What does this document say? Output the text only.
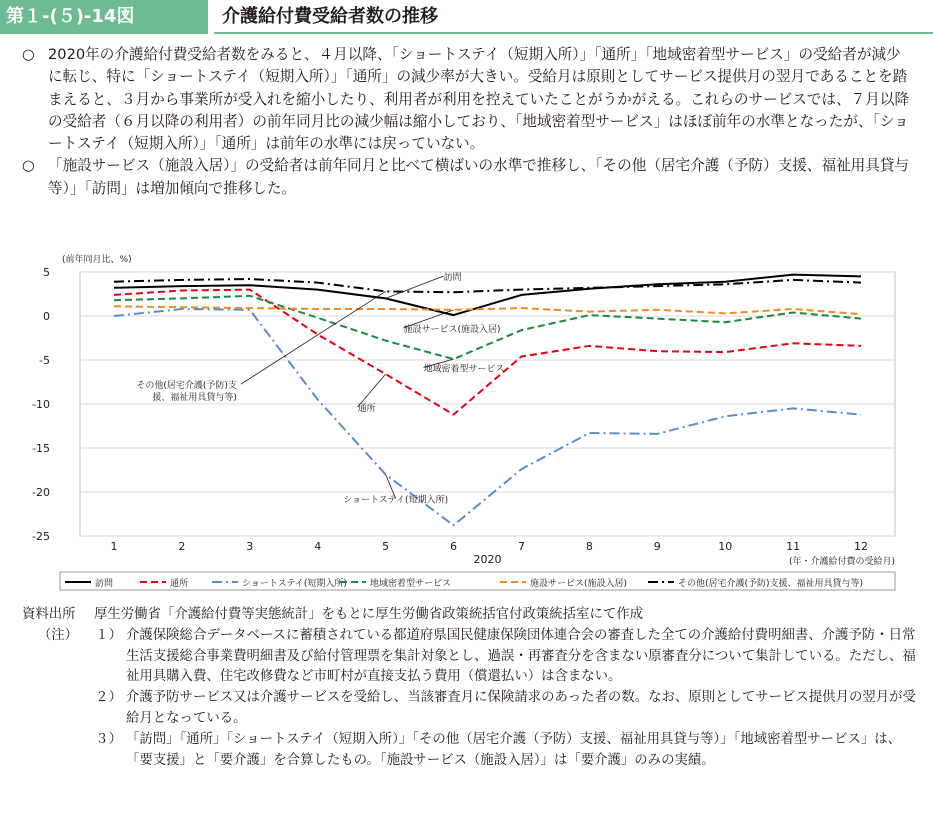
第１-(５)-14図	介護給付費受給者数の推移
○ 2020年の介護給付費受給者数をみると、４月以降、「ショートステイ（短期入所）」「通所」「地域密着型サービス」の受給者が減少に転じ、特に「ショートステイ（短期入所）」「通所」の減少率が大きい。受給月は原則としてサービス提供月の翌月であることを踏まえると、３月から事業所が受入れを縮小したり、利用者が利用を控えていたことがうかがえる。これらのサービスでは、７月以降の受給者（６月以降の利用者）の前年同月比の減少幅は縮小しており、「地域密着型サービス」はほぼ前年の水準となったが、「ショートステイ（短期入所）」「通所」は前年の水準には戻っていない。
○ 「施設サービス（施設入居）」の受給者は前年同月と比べて横ばいの水準で推移し、「その他（居宅介護（予防）支援、福祉用具貸与等）」「訪問」は増加傾向で推移した。
5
0
-5
-10
-15
-20
-25
(前年同月比、%)
1	2	3	4	5	6	7	8	9	10	11	12
2020	(年・介護給付費の受給月)
訪問
施設サービス(施設入居)
地域密着型サービス
通所
ショートステイ(短期入所)
その他(居宅介護(予防)支
援、福祉用具貸与等)
訪問	通所	ショートステイ(短期入所)	地域密着型サービス	施設サービス(施設入居)	その他(居宅介護(予防)支援、福祉用具貸与等)
資料出所	厚生労働省「介護給付費等実態統計」をもとに厚生労働省政策統括官付政策統括室にて作成
（注）	１） 介護保険総合データベースに蓄積されている都道府県国民健康保険団体連合会の審査した全ての介護給付費明細書、介護予防・日常生活支援総合事業費明細書及び給付管理票を集計対象とし、過誤・再審査分を含まない原審査分について集計している。ただし、福祉用具購入費、住宅改修費など市町村が直接支払う費用（償還払い）は含まない。
２） 介護予防サービス又は介護サービスを受給し、当該審査月に保険請求のあった者の数。なお、原則としてサービス提供月の翌月が受給月となっている。
３） 「訪問」「通所」「ショートステイ（短期入所）」「その他（居宅介護（予防）支援、福祉用具貸与等）」「地域密着型サービス」は、「要支援」と「要介護」を合算したもの。「施設サービス（施設入居）」は「要介護」のみの実績。
